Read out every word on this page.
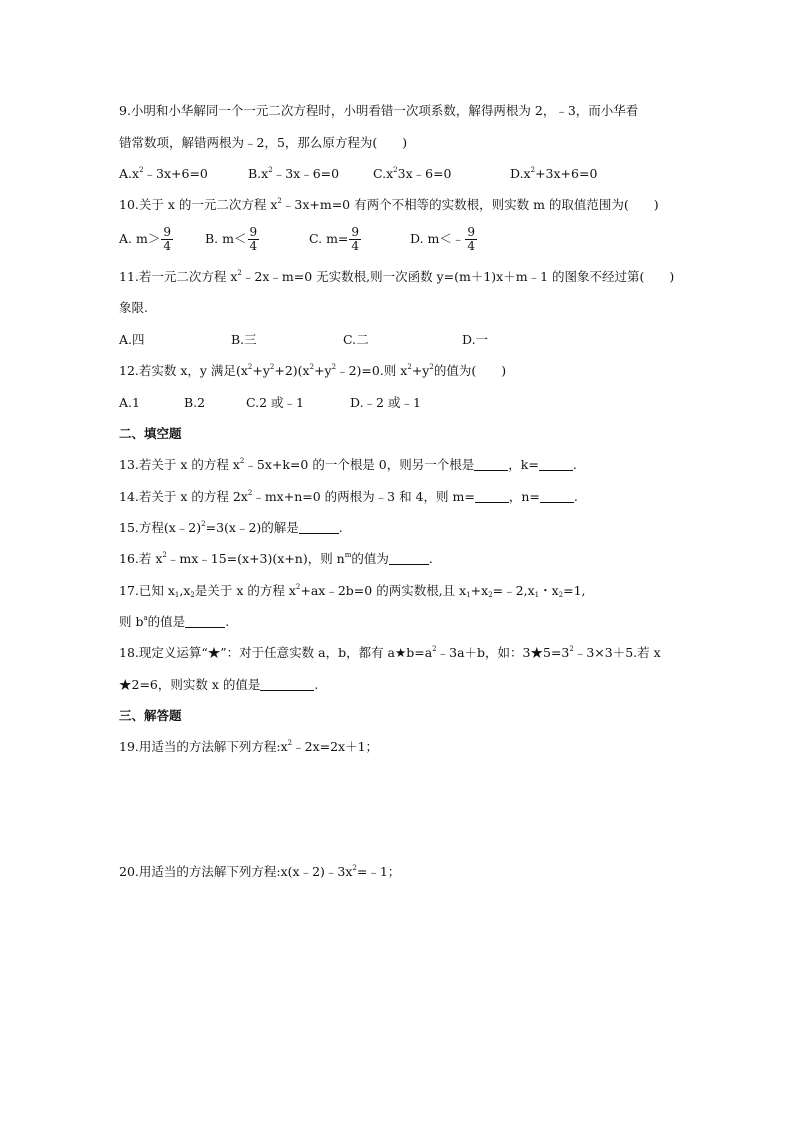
9.小明和小华解同一个一元二次方程时，小明看错一次项系数，解得两根为 2，﹣3，而小华看
错常数项，解错两根为﹣2，5，那么原方程为(　　)
$A.x^2﹣3x+6=0$	$B.x^2﹣3x﹣6=0$	$C.x^23x﹣6=0$	$D.x^2+3x+6=0$
10.关于 x 的一元二次方程 $x^2﹣3x+m=0$ 有两个不相等的实数根，则实数 m 的取值范围为(　　)
A. $m> \frac{9}{4}$	B. $m< \frac{9}{4}$	C. $m= \frac{9}{4}$	D. m＜﹣ $\frac{9}{4}$
11.若一元二次方程 $x^2﹣2x﹣m=0$ 无实数根,则一次函数 y=(m＋1)x＋m﹣1 的图象不经过第(　　)
象限.
A.四	B.三	C.二	D.一
12.若实数 x，y 满足$(x^2+y^2+2)(x^2+y^2﹣2)=0$.则 $x^2+y^2$的值为(　　)
A.1	B.2	C.2 或﹣1	D.﹣2 或﹣1
二、填空题
13.若关于 x 的方程 $x^2﹣5x+k=0$ 的一个根是 0，则另一个根是	，k=	.
14.若关于 x 的方程 $2x^2﹣mx+n=0$ 的两根为﹣3 和 4，则 m=	，n=	.
15.方程(x﹣2)$^2$=3(x﹣2)的解是	.
16.若 $x^2﹣mx﹣15=(x+3)(x+n)$，则 $n^m$的值为	.
17.已知 $x_1,x_2$是关于 x 的方程 $x^2+ax﹣2b=0$ 的两实数根,且 $x_1+x_2=﹣2,x_1$・$x_2=1$,
则 $b^a$的值是	.
18.现定义运算“★”：对于任意实数 a，b，都有 $a★b=a^2﹣3a+b$，如：$3★5=3^2﹣3\times 3+5$.若 x
★2=6，则实数 x 的值是	.
三、解答题
19.用适当的方法解下列方程$:x^2﹣2x=2x+1$；
20.用适当的方法解下列方程$:x(x﹣2)﹣3x^2=﹣1$；
